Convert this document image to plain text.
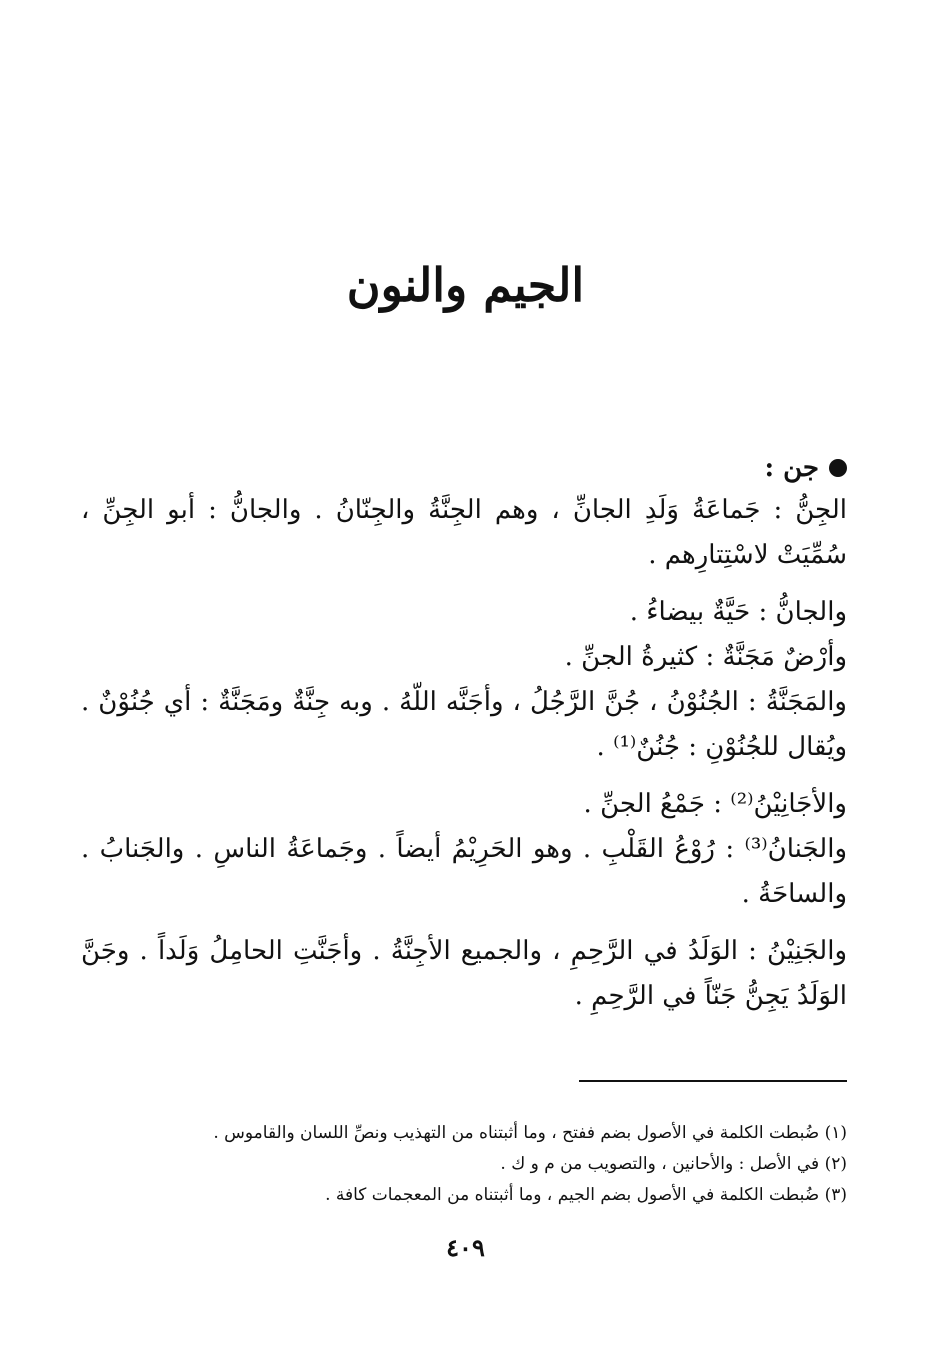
الجيم والنون
جن :

الجِنُّ : جَماعَةُ وَلَدِ الجانِّ ، وهم الجِنَّةُ والجِنّانُ . والجانُّ : أبو الجِنِّ ، سُمِّيَتْ لاسْتِتارِهم .

والجانُّ : حَيَّةٌ بيضاءُ .

وأرْضٌ مَجَنَّةٌ : كثيرةُ الجنِّ .

والمَجَنَّةُ : الجُنُوْنُ ، جُنَّ الرَّجُلُ ، وأجَنَّه اللّهُ . وبه جِنَّةٌ ومَجَنَّةٌ : أي جُنُوْنٌ . ويُقال للجُنُوْنِ : جُنُنٌ⁽¹⁾ .

والأجَانِيْنُ⁽²⁾ : جَمْعُ الجنِّ .

والجَنانُ⁽³⁾ : رُوْعُ القَلْبِ . وهو الحَرِيْمُ أيضاً . وجَماعَةُ الناسِ . والجَنابُ . والساحَةُ .

والجَنِيْنُ : الوَلَدُ في الرَّحِمِ ، والجميع الأجِنَّةُ . وأجَنَّتِ الحامِلُ وَلَداً . وجَنَّ الوَلَدُ يَجِنُّ جَنّاً في الرَّحِمِ .

(١) ضُبطت الكلمة في الأصول بضم ففتح ، وما أثبتناه من التهذيب ونصِّ اللسان والقاموس .

(٢) في الأصل : والأحانين ، والتصويب من م و ك .

(٣) ضُبطت الكلمة في الأصول بضم الجيم ، وما أثبتناه من المعجمات كافة .

٤٠٩
